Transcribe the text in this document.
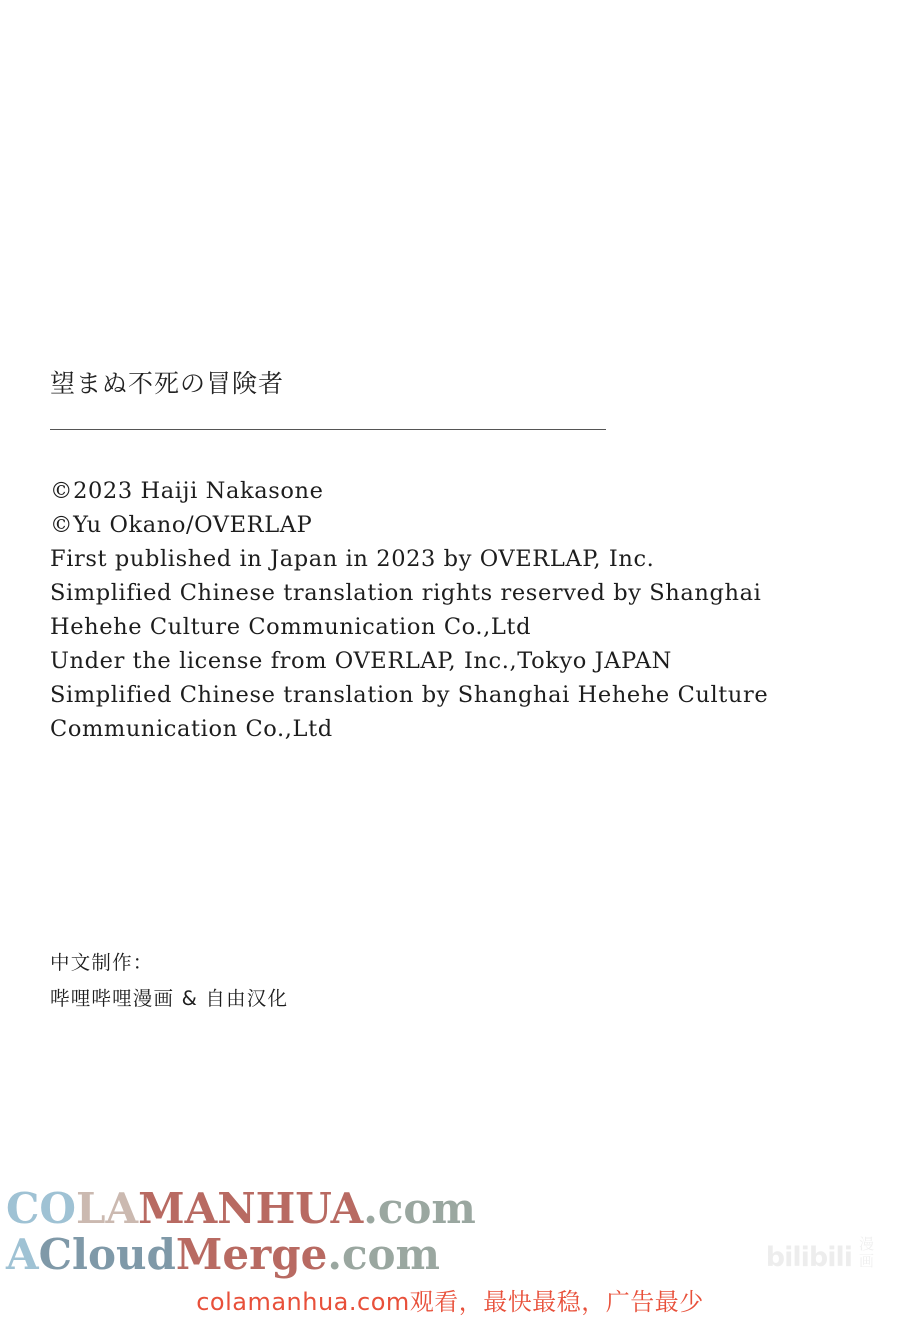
望まぬ不死の冒険者
©2023 Haiji Nakasone
©Yu Okano/OVERLAP
First published in Japan in 2023 by OVERLAP, Inc.
Simplified Chinese translation rights reserved by Shanghai
Hehehe Culture Communication Co.,Ltd
Under the license from OVERLAP, Inc.,Tokyo JAPAN
Simplified Chinese translation by Shanghai Hehehe Culture
Communication Co.,Ltd
中文制作：
哔哩哔哩漫画 & 自由汉化
COLAMANHUA.com
ACloudMerge.com	bilibili 漫
画
colamanhua.com观看，最快最稳，广告最少
